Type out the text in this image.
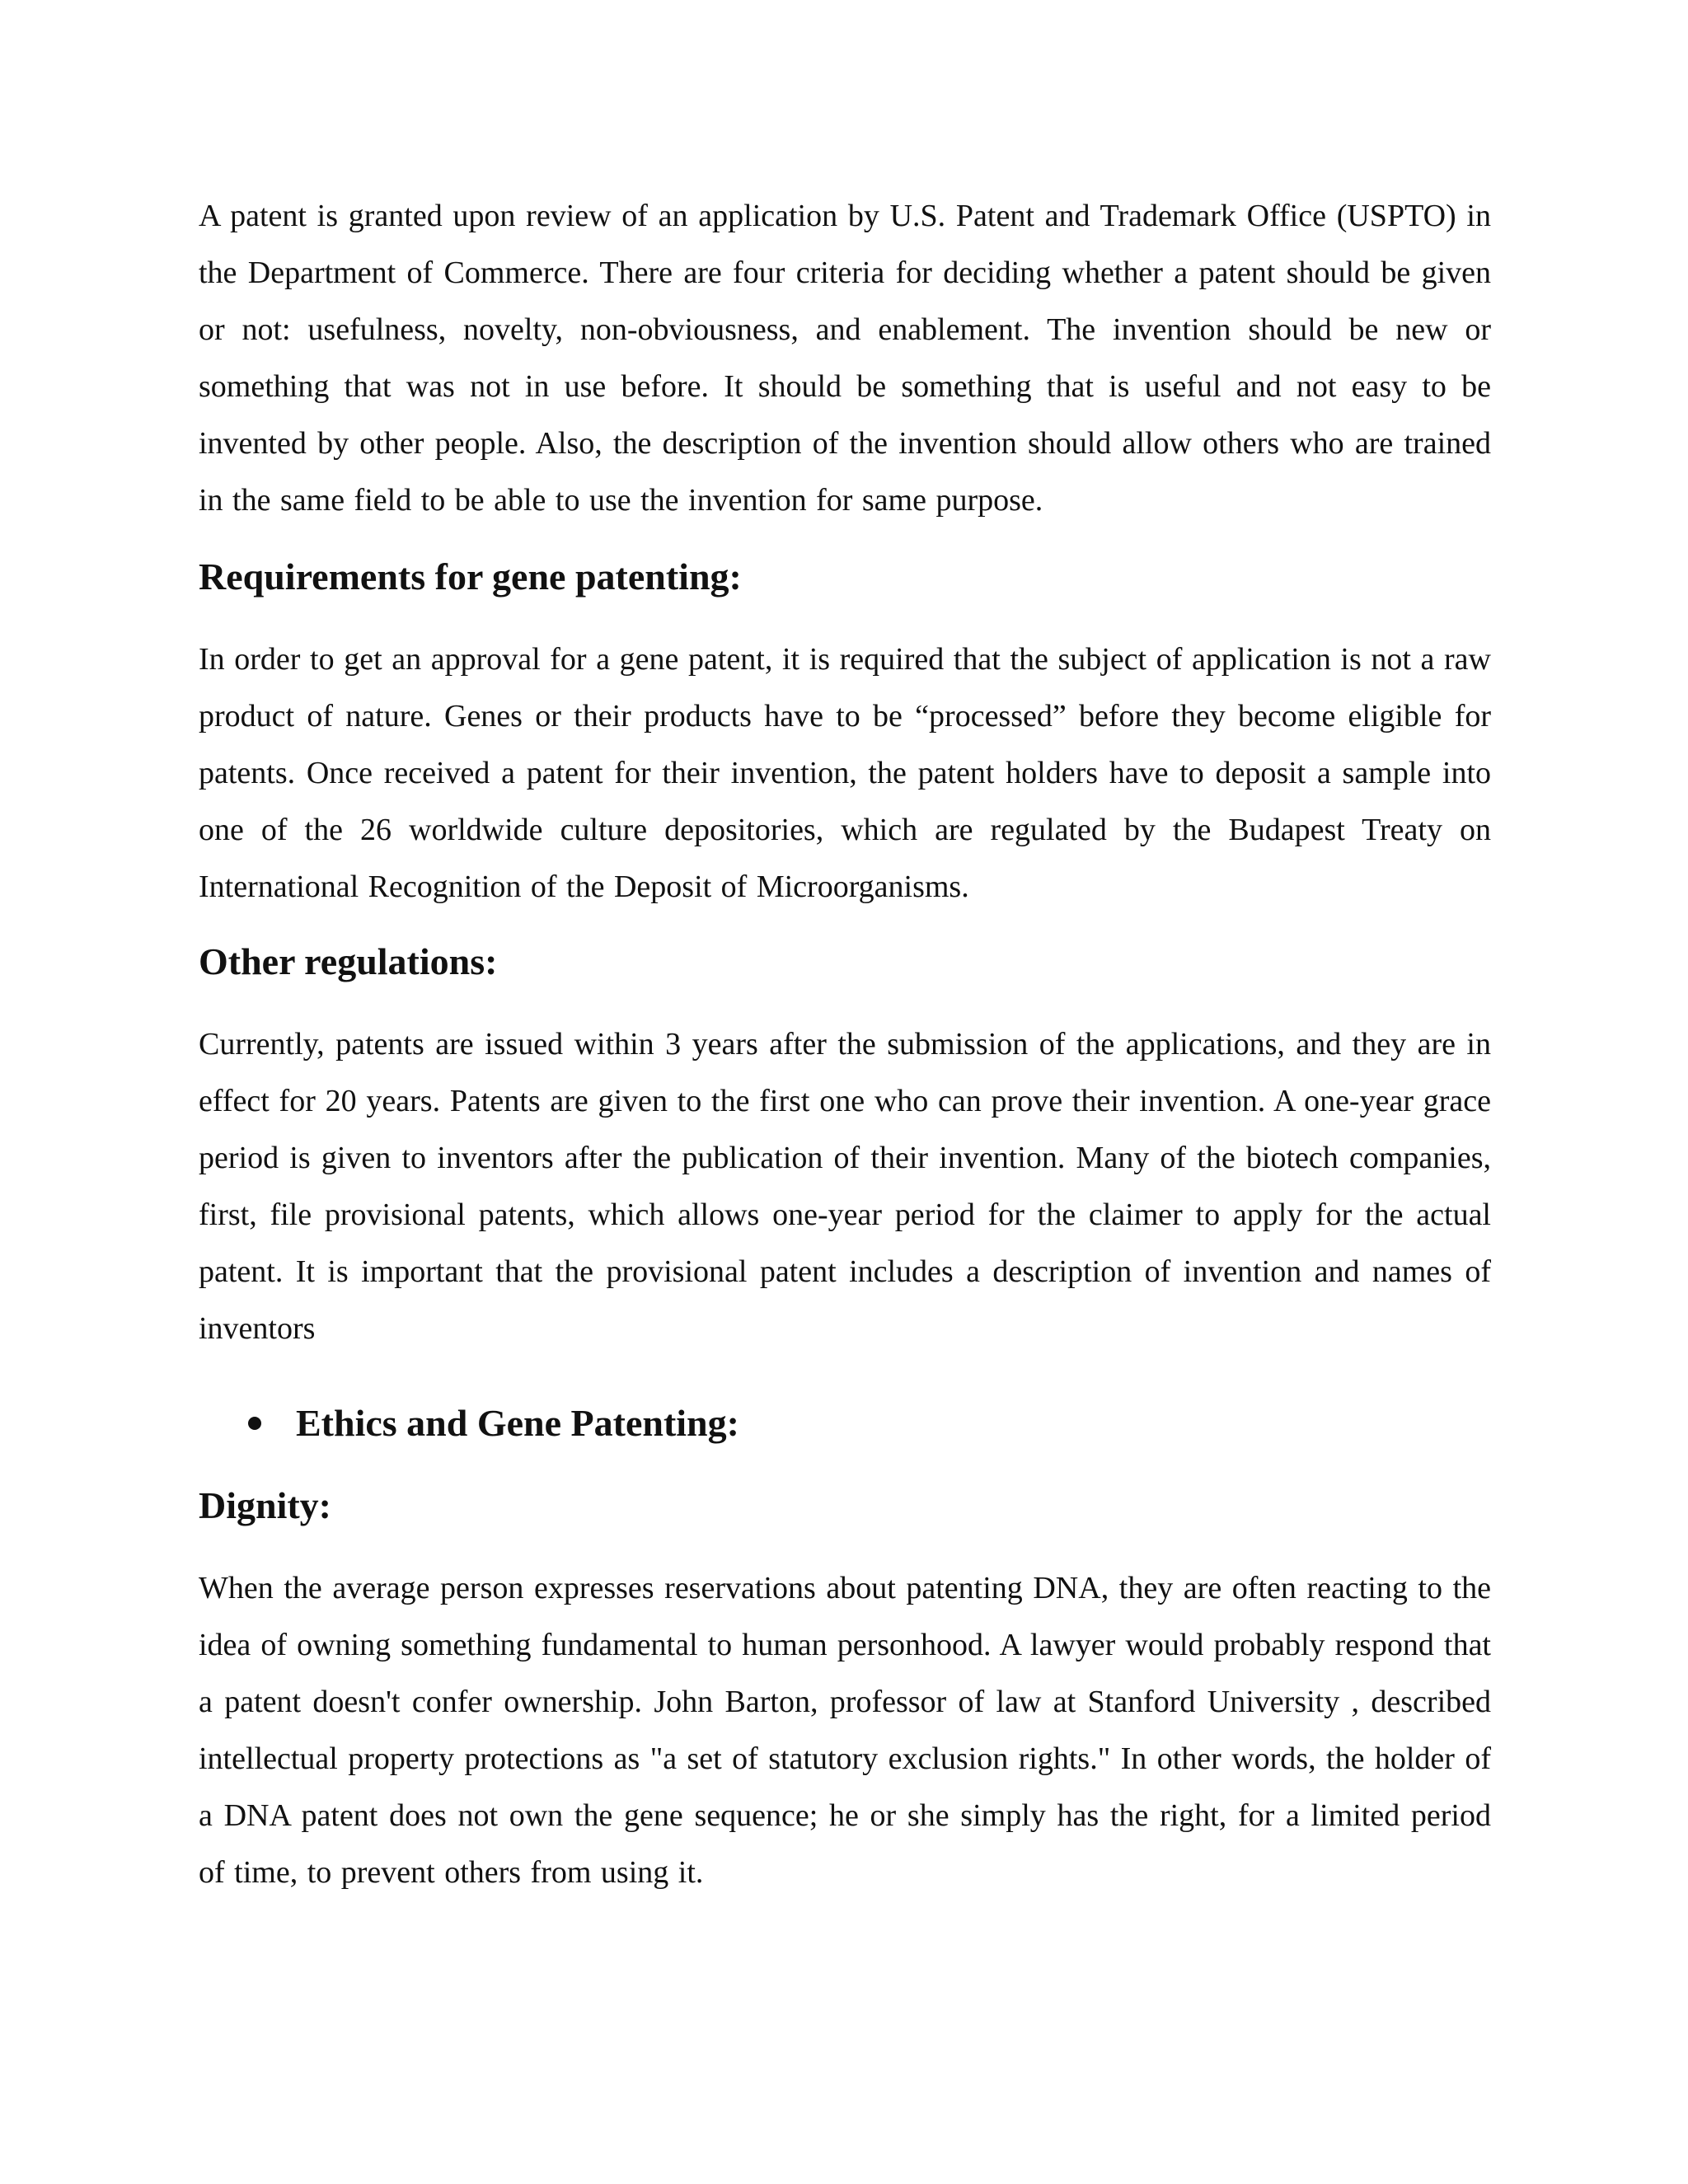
A patent is granted upon review of an application by U.S. Patent and Trademark Office (USPTO) in the Department of Commerce. There are four criteria for deciding whether a patent should be given or not: usefulness, novelty, non-obviousness, and enablement. The invention should be new or something that was not in use before. It should be something that is useful and not easy to be invented by other people. Also, the description of the invention should allow others who are trained in the same field to be able to use the invention for same purpose.

Requirements for gene patenting:

In order to get an approval for a gene patent, it is required that the subject of application is not a raw product of nature. Genes or their products have to be “processed” before they become eligible for patents. Once received a patent for their invention, the patent holders have to deposit a sample into one of the 26 worldwide culture depositories, which are regulated by the Budapest Treaty on International Recognition of the Deposit of Microorganisms.

Other regulations:

Currently, patents are issued within 3 years after the submission of the applications, and they are in effect for 20 years. Patents are given to the first one who can prove their invention. A one-year grace period is given to inventors after the publication of their invention. Many of the biotech companies, first, file provisional patents, which allows one-year period for the claimer to apply for the actual patent. It is important that the provisional patent includes a description of invention and names of inventors

Ethics and Gene Patenting:
Dignity:

When the average person expresses reservations about patenting DNA, they are often reacting to the idea of owning something fundamental to human personhood. A lawyer would probably respond that a patent doesn't confer ownership. John Barton, professor of law at Stanford University , described intellectual property protections as "a set of statutory exclusion rights." In other words, the holder of a DNA patent does not own the gene sequence; he or she simply has the right, for a limited period of time, to prevent others from using it.
